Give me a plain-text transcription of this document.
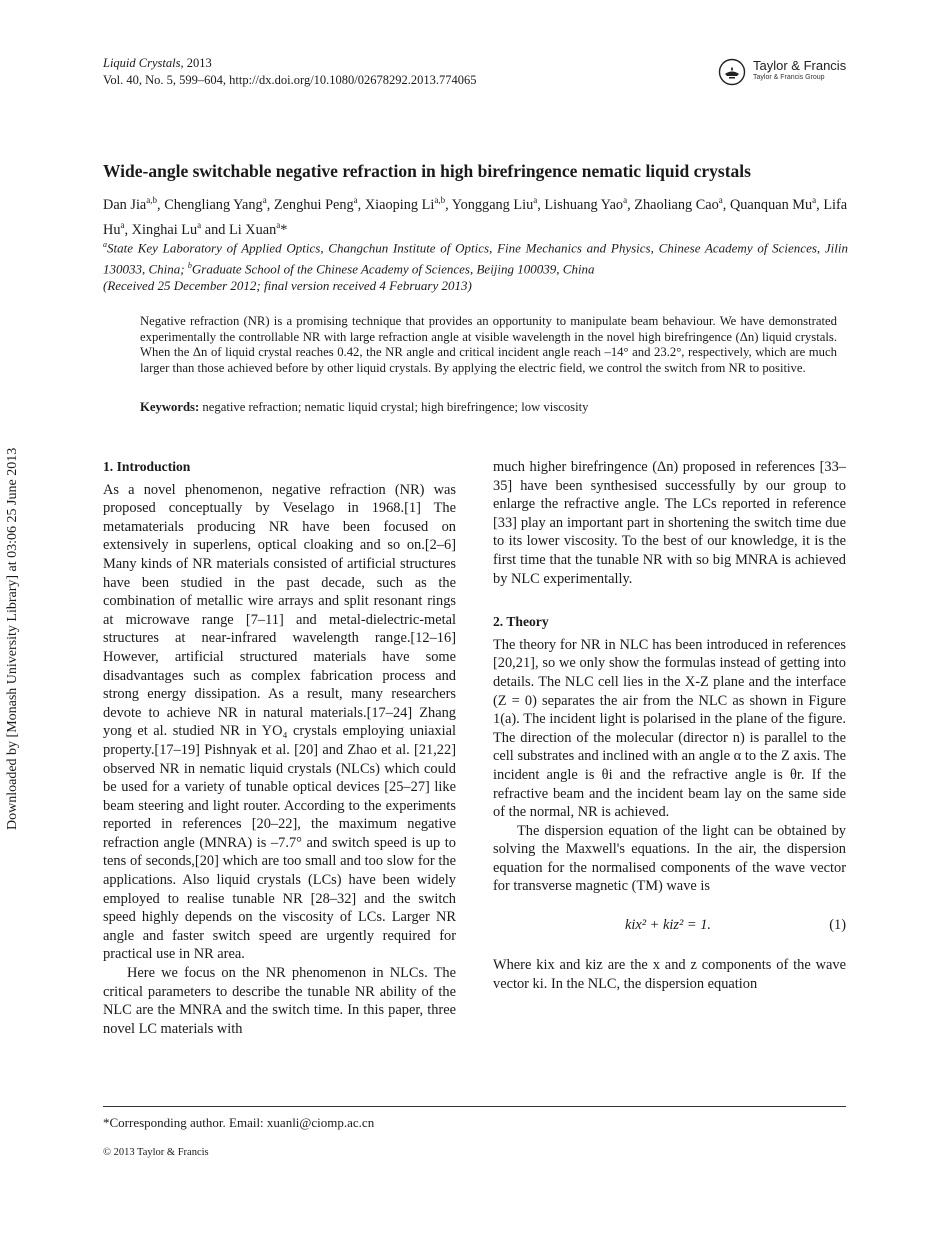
Liquid Crystals, 2013
Vol. 40, No. 5, 599–604, http://dx.doi.org/10.1080/02678292.2013.774065
Taylor & Francis
Taylor & Francis Group
Downloaded by [Monash University Library] at 03:06 25 June 2013
Wide-angle switchable negative refraction in high birefringence nematic liquid crystals
Dan Jia$^{a,b}$, Chengliang Yang$^a$, Zenghui Peng$^a$, Xiaoping Li$^{a,b}$, Yonggang Liu$^a$, Lishuang Yao$^a$, Zhaoliang Cao$^a$, Quanquan Mu$^a$, Lifa Hu$^a$, Xinghai Lu$^a$ and Li Xuan$^a$*
$^a$State Key Laboratory of Applied Optics, Changchun Institute of Optics, Fine Mechanics and Physics, Chinese Academy of Sciences, Jilin 130033, China; $^b$Graduate School of the Chinese Academy of Sciences, Beijing 100039, China
(Received 25 December 2012; final version received 4 February 2013)
Negative refraction (NR) is a promising technique that provides an opportunity to manipulate beam behaviour. We have demonstrated experimentally the controllable NR with large refraction angle at visible wavelength in the novel high birefringence (Δn) liquid crystals. When the Δn of liquid crystal reaches 0.42, the NR angle and critical incident angle reach –14° and 23.2°, respectively, which are much larger than those achieved before by other liquid crystals. By applying the electric field, we control the switch from NR to positive.
Keywords: negative refraction; nematic liquid crystal; high birefringence; low viscosity
1. Introduction

As a novel phenomenon, negative refraction (NR) was proposed conceptually by Veselago in 1968.[1] The metamaterials producing NR have been focused on extensively in superlens, optical cloaking and so on.[2–6] Many kinds of NR materials consisted of artificial structures have been studied in the past decade, such as the combination of metallic wire arrays and split resonant rings at microwave range [7–11] and metal-dielectric-metal structures at near-infrared wavelength range.[12–16] However, artificial structured materials have some disadvantages such as complex fabrication process and strong energy dissipation. As a result, many researchers devote to achieve NR in natural materials.[17–24] Zhang yong et al. studied NR in YO₄ crystals employing uniaxial property.[17–19] Pishnyak et al. [20] and Zhao et al. [21,22] observed NR in nematic liquid crystals (NLCs) which could be used for a variety of tunable optical devices [25–27] like beam steering and light router. According to the experiments reported in references [20–22], the maximum negative refraction angle (MNRA) is –7.7° and switch speed is up to tens of seconds,[20] which are too small and too slow for the applications. Also liquid crystals (LCs) have been widely employed to realise tunable NR [28–32] and the switch speed highly depends on the viscosity of LCs. Larger NR angle and faster switch speed are urgently required for practical use in NR area.

Here we focus on the NR phenomenon in NLCs. The critical parameters to describe the tunable NR ability of the NLC are the MNRA and the switch time. In this paper, three novel LC materials with

much higher birefringence (Δn) proposed in references [33–35] have been synthesised successfully by our group to enlarge the refractive angle. The LCs reported in reference [33] play an important part in shortening the switch time due to its lower viscosity. To the best of our knowledge, it is the first time that the tunable NR with so big MNRA is achieved by NLC experimentally.

2. Theory

The theory for NR in NLC has been introduced in references [20,21], so we only show the formulas instead of getting into details. The NLC cell lies in the X-Z plane and the interface (Z = 0) separates the air from the NLC as shown in Figure 1(a). The incident light is polarised in the plane of the figure. The direction of the molecular (director n) is parallel to the cell substrates and inclined with an angle α to the Z axis. The incident angle is θi and the refractive angle is θr. If the refractive beam and the incident beam lay on the same side of the normal, NR is achieved.

The dispersion equation of the light can be obtained by solving the Maxwell's equations. In the air, the dispersion equation for the normalised components of the wave vector for transverse magnetic (TM) wave is

kix² + kiz² = 1.	(1)

Where kix and kiz are the x and z components of the wave vector ki. In the NLC, the dispersion equation

*Corresponding author. Email: xuanli@ciomp.ac.cn
© 2013 Taylor & Francis
